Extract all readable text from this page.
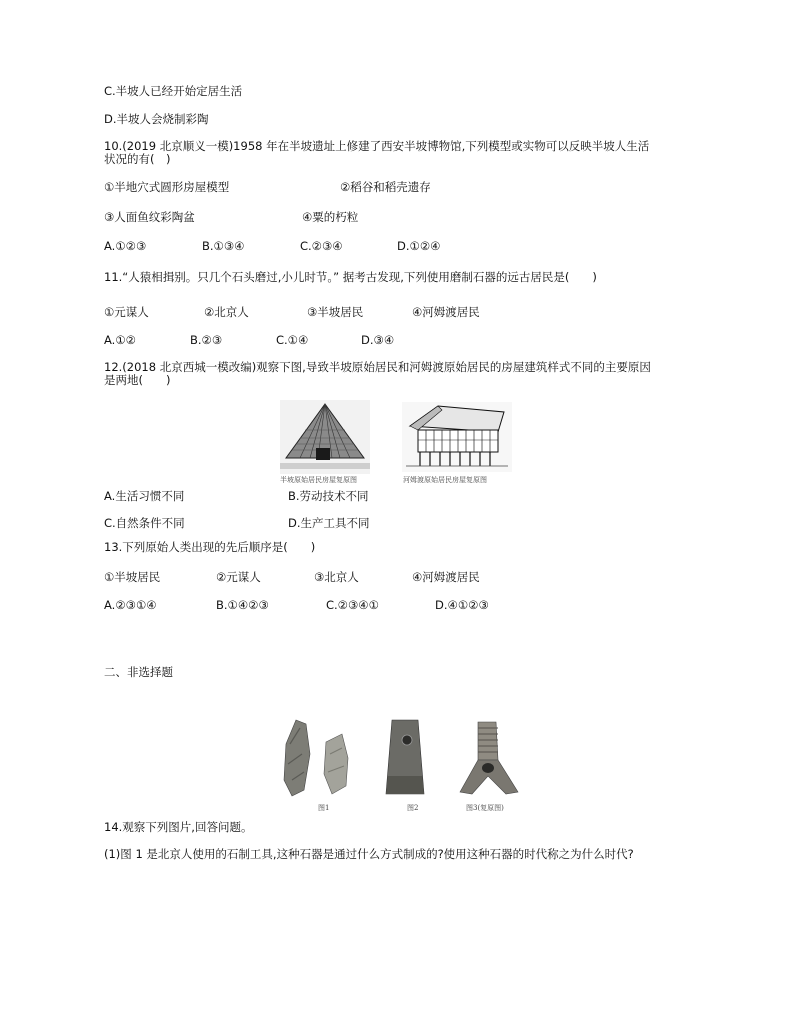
C.半坡人已经开始定居生活
D.半坡人会烧制彩陶
10.(2019 北京顺义一模)1958 年在半坡遗址上修建了西安半坡博物馆,下列模型或实物可以反映半坡人生活
状况的有(　)
①半地穴式圆形房屋模型	②稻谷和稻壳遗存
③人面鱼纹彩陶盆	④粟的朽粒
A.①②③	B.①③④	C.②③④	D.①②④
11.“人猿相揖别。只几个石头磨过,小儿时节。” 据考古发现,下列使用磨制石器的远古居民是(　　)
①元谋人	②北京人	③半坡居民	④河姆渡居民
A.①②	B.②③	C.①④	D.③④
12.(2018 北京西城一模改编)观察下图,导致半坡原始居民和河姆渡原始居民的房屋建筑样式不同的主要原因
是两地(　　)
半坡原始居民房屋复原图	河姆渡原始居民房屋复原图
A.生活习惯不同	B.劳动技术不同
C.自然条件不同	D.生产工具不同
13.下列原始人类出现的先后顺序是(　　)
①半坡居民	②元谋人	③北京人	④河姆渡居民
A.②③①④	B.①④②③	C.②③④①	D.④①②③
二、非选择题
图1	图2	图3(复原图)
14.观察下列图片,回答问题。
(1)图 1 是北京人使用的石制工具,这种石器是通过什么方式制成的?使用这种石器的时代称之为什么时代?
